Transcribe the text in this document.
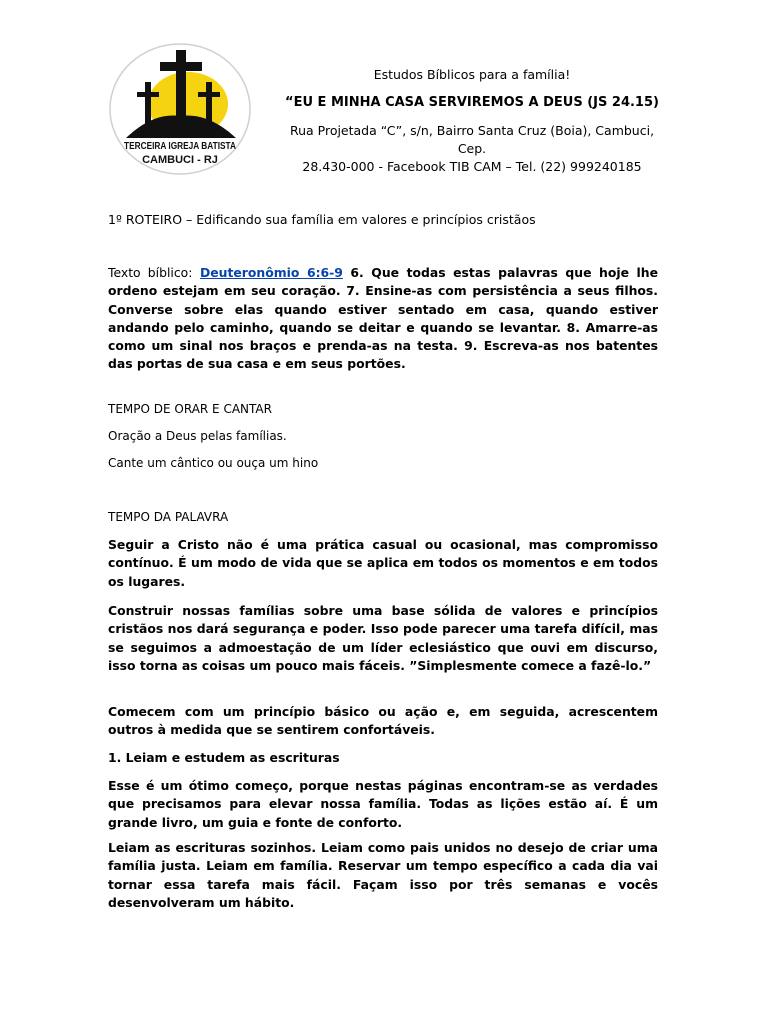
TERCEIRA IGREJA BATISTA
CAMBUCI - RJ
Estudos Bíblicos para a família!
“EU E MINHA CASA SERVIREMOS A DEUS (JS 24.15)
Rua Projetada “C”, s/n, Bairro Santa Cruz (Boia), Cambuci, Cep.
28.430-000 - Facebook TIB CAM – Tel. (22) 999240185
1º ROTEIRO – Edificando sua família em valores e princípios cristãos
Texto bíblico: Deuteronômio 6:6-9 6. Que todas estas palavras que hoje lhe ordeno estejam em seu coração. 7. Ensine-as com persistência a seus filhos. Converse sobre elas quando estiver sentado em casa, quando estiver andando pelo caminho, quando se deitar e quando se levantar. 8. Amarre-as como um sinal nos braços e prenda-as na testa. 9. Escreva-as nos batentes das portas de sua casa e em seus portões.
TEMPO DE ORAR E CANTAR
Oração a Deus pelas famílias.
Cante um cântico ou ouça um hino
TEMPO DA PALAVRA
Seguir a Cristo não é uma prática casual ou ocasional, mas compromisso contínuo. É um modo de vida que se aplica em todos os momentos e em todos os lugares.
Construir nossas famílias sobre uma base sólida de valores e princípios cristãos nos dará segurança e poder. Isso pode parecer uma tarefa difícil, mas se seguimos a admoestação de um líder eclesiástico que ouvi em discurso, isso torna as coisas um pouco mais fáceis. ”Simplesmente comece a fazê-lo.”
Comecem com um princípio básico ou ação e, em seguida, acrescentem outros à medida que se sentirem confortáveis.
1. Leiam e estudem as escrituras
Esse é um ótimo começo, porque nestas páginas encontram-se as verdades que precisamos para elevar nossa família. Todas as lições estão aí. É um grande livro, um guia e fonte de conforto.
Leiam as escrituras sozinhos. Leiam como pais unidos no desejo de criar uma família justa. Leiam em família. Reservar um tempo específico a cada dia vai tornar essa tarefa mais fácil. Façam isso por três semanas e vocês desenvolveram um hábito.
